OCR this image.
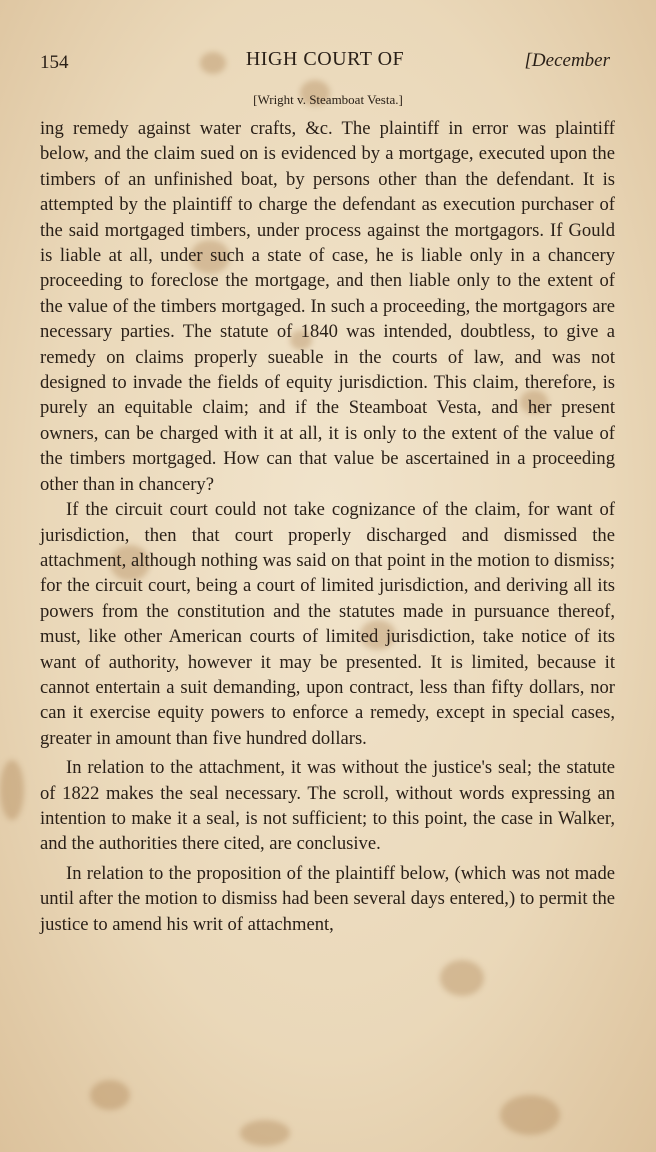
154	HIGH COURT OF	[December
[Wright v. Steamboat Vesta.]

ing remedy against water crafts, &c. The plaintiff in error was plaintiff below, and the claim sued on is evidenced by a mortgage, executed upon the timbers of an unfinished boat, by persons other than the defendant. It is attempted by the plaintiff to charge the defendant as execution purchaser of the said mortgaged timbers, under process against the mortgagors. If Gould is liable at all, under such a state of case, he is liable only in a chancery proceeding to foreclose the mortgage, and then liable only to the extent of the value of the timbers mortgaged. In such a proceeding, the mortgagors are necessary parties. The statute of 1840 was intended, doubtless, to give a remedy on claims properly sueable in the courts of law, and was not designed to invade the fields of equity jurisdiction. This claim, therefore, is purely an equitable claim; and if the Steamboat Vesta, and her present owners, can be charged with it at all, it is only to the extent of the value of the timbers mortgaged. How can that value be ascertained in a proceeding other than in chancery?

If the circuit court could not take cognizance of the claim, for want of jurisdiction, then that court properly discharged and dismissed the attachment, although nothing was said on that point in the motion to dismiss; for the circuit court, being a court of limited jurisdiction, and deriving all its powers from the constitution and the statutes made in pursuance thereof, must, like other American courts of limited jurisdiction, take notice of its want of authority, however it may be presented. It is limited, because it cannot entertain a suit demanding, upon contract, less than fifty dollars, nor can it exercise equity powers to enforce a remedy, except in special cases, greater in amount than five hundred dollars.

In relation to the attachment, it was without the justice's seal; the statute of 1822 makes the seal necessary. The scroll, without words expressing an intention to make it a seal, is not sufficient; to this point, the case in Walker, and the authorities there cited, are conclusive.

In relation to the proposition of the plaintiff below, (which was not made until after the motion to dismiss had been several days entered,) to permit the justice to amend his writ of attachment,
